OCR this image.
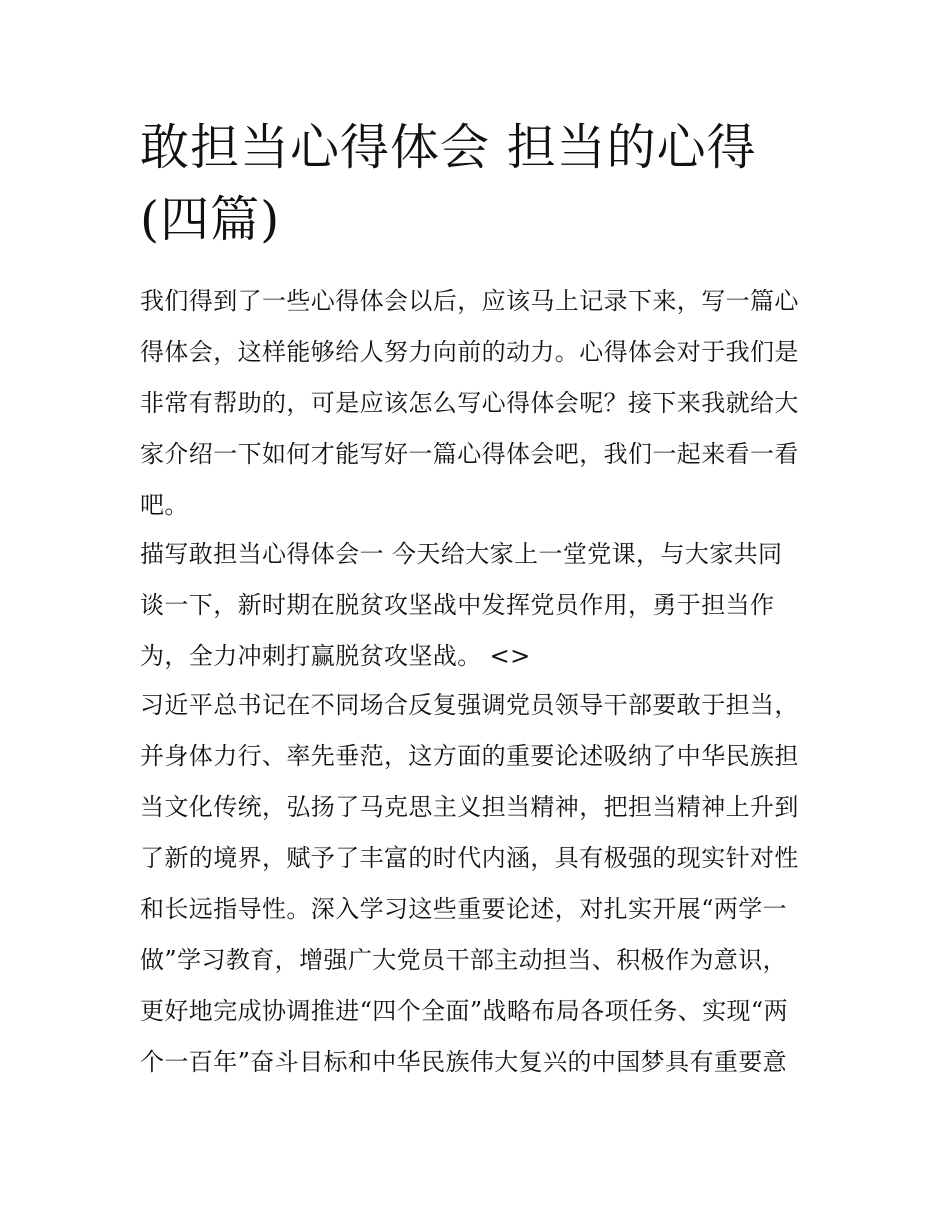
敢担当心得体会 担当的心得
(四篇)

我们得到了一些心得体会以后，应该马上记录下来，写一篇心
得体会，这样能够给人努力向前的动力。心得体会对于我们是
非常有帮助的，可是应该怎么写心得体会呢？接下来我就给大
家介绍一下如何才能写好一篇心得体会吧，我们一起来看一看
吧。

描写敢担当心得体会一 今天给大家上一堂党课，与大家共同
谈一下，新时期在脱贫攻坚战中发挥党员作用，勇于担当作
为，全力冲刺打赢脱贫攻坚战。 <>

习近平总书记在不同场合反复强调党员领导干部要敢于担当，
并身体力行、率先垂范，这方面的重要论述吸纳了中华民族担
当文化传统，弘扬了马克思主义担当精神，把担当精神上升到
了新的境界，赋予了丰富的时代内涵，具有极强的现实针对性
和长远指导性。深入学习这些重要论述，对扎实开展“两学一
做”学习教育，增强广大党员干部主动担当、积极作为意识，
更好地完成协调推进“四个全面”战略布局各项任务、实现“两
个一百年”奋斗目标和中华民族伟大复兴的中国梦具有重要意
